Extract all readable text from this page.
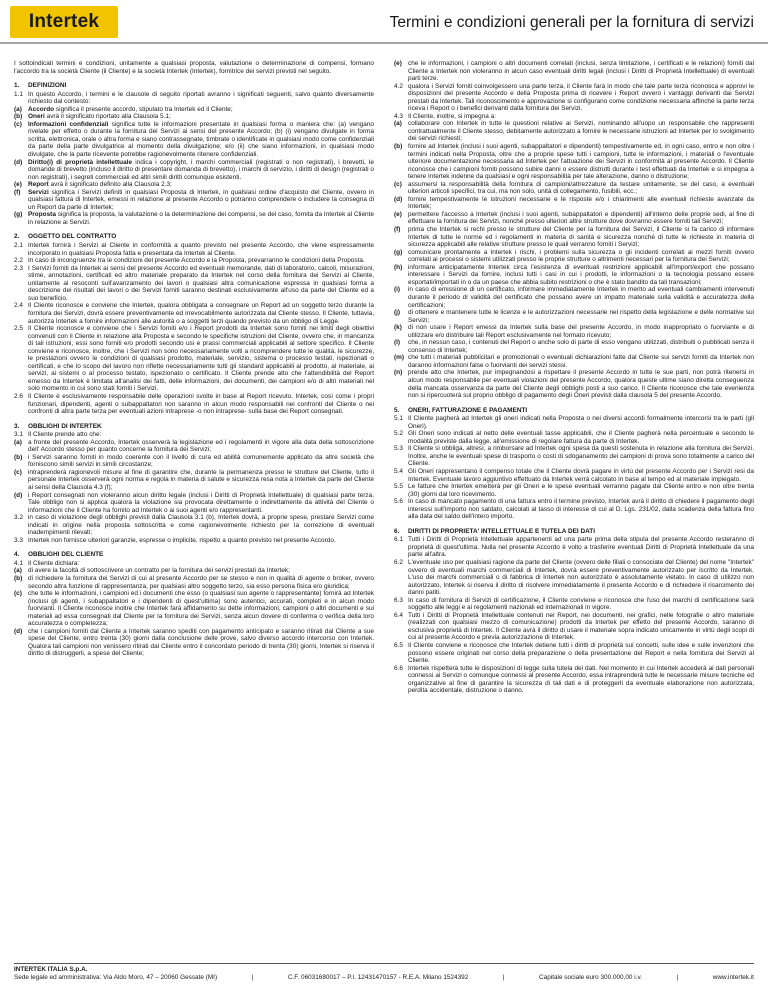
Intertek	Termini e condizioni generali per la fornitura di servizi

I sottoindicati termini e condizioni, unitamente a qualsiasi proposta, valutazione o determinazione di compensi, formano l'accordo tra la società Cliente (il Cliente) e la società Intertek (Intertek), fornitrice dei servizi previsti nel seguito.

1.	DEFINIZIONI
1.1 In questo Accordo, i termini e le clausole di seguito riportati avranno i significati seguenti, salvo quanto diversamente richiesto dal contesto:
(a) Accordo significa il presente accordo, stipulato tra Intertek ed il Cliente;
(b) Oneri avrà il significato riportato alla Clausola 5.1;
(c) Informazioni confidenziali significa tutte le informazioni presentate in qualsiasi forma o maniera che: (a) vengano rivelate per effetto o durante la fornitura dei Servizi ai sensi del presente Accordo; (b) (i) vengano divulgate in forma scritta, elettronica, orale o altra forma e siano contrassegnate, timbrate o identificate in qualsiasi modo come confidenziali da parte della parte divulgatrice al momento della divulgazione; e/o (ii) che siano informazioni, in qualsiasi modo divulgate, che la parte ricevente potrebbe ragionevolmente ritenere confidenziali.
(d) Diritto(i) di proprietà intellettuale indica i copyright, i marchi commerciali (registrati o non registrati), i brevetti, le domande di brevetto (incluso il diritto di presentare domanda di brevetto), i marchi di servizio, i diritti di design (registrati o non registrati), i segreti commerciali ed altri simili diritti comunque esistenti.
(e) Report avrà il significato definito alla Clausola 2.3;
(f)	Servizi significa i Servizi definiti in qualsiasi Proposta di Intertek, in qualsiasi ordine d'acquisto del Cliente, ovvero in qualsiasi fattura di Intertek, emessi in relazione al presente Accordo o potranno comprendere o includere la consegna di un Report da parte di Intertek;
(g) Proposta significa la proposta, la valutazione o la determinazione dei compensi, se del caso, fornita da Intertek al Cliente in relazione ai Servizi.
2.	OGGETTO DEL CONTRATTO
2.1 Intertek fornirà i Servizi al Cliente in conformità a quanto previsto nel presente Accordo, che viene espressamente incorporato in qualsiasi Proposta fatta e presentata da Intertek al Cliente.
2.2 In caso di incongruenze tra le condizioni del presente Accordo e la Proposta, prevarranno le condizioni della Proposta.
2.3 I Servizi forniti da Intertek ai sensi del presente Accordo ed eventuali memorande, dati di laboratorio, calcoli, misurazioni, stime, annotazioni, certificati ed altro materiale preparato da Intertek nel corso della fornitura dei Servizi al Cliente, unitamente ai resoconti sull'avanzamento dei lavori o qualsiasi altra comunicazione espressa in qualsiasi forma a descrizione dei risultati dei lavori o dei Servizi forniti saranno destinati esclusivamente all'uso da parte del Cliente ed a suo beneficio.
2.4 Il Cliente riconosce e conviene che Intertek, qualora obbligata a consegnare un Report ad un soggetto terzo durante la fornitura dei Servizi, dovrà essere preventivamente ed irrevocabilmente autorizzata dal Cliente stesso. Il Cliente, tuttavia, autorizza Intertek a fornire informazioni alle autorità o a soggetti terzi quando previsto da un obbligo di Legge.
2.5 Il Cliente riconosce e conviene che i Servizi forniti e/o i Report prodotti da Intertek sono forniti nei limiti degli obiettivi convenuti con il Cliente in relazione alla Proposta e secondo le specifiche istruzioni del Cliente, ovvero che, in mancanza di tali istruzioni, essi sono forniti e/o prodotti secondo usi e prassi commerciali applicabili al settore specifico. Il Cliente conviene e riconosce, inoltre, che i Servizi non sono necessariamente volti a ricomprendere tutte le qualità, le sicurezze, le prestazioni ovvero le condizioni di qualsiasi prodotto, materiale, servizio, sistema o processo testati, ispezionati o certificati, e che lo scopo del lavoro non riflette necessariamente tutti gli standard applicabili al prodotto, al materiale, ai servizi, ai sistemi o al processo testato, ispezionato o certificato. Il Cliente prende atto che l'attendibilità del Report emesso da Intertek è limitata all'analisi dei fatti, delle informazioni, dei documenti, dei campioni e/o di altri materiali nel solo momento in cui sono stati forniti i Servizi.
2.6 Il Cliente è esclusivamente responsabile delle operazioni svolte in base al Report ricevuto. Intertek, così come i propri funzionari, dipendenti, agenti o subappaltatori non saranno in alcun modo responsabili nei confronti del Cliente o nei confronti di altra parte terza per eventuali azioni intraprese -o non intraprese- sulla base dei Report consegnati.
3.	OBBLIGHI DI INTERTEK
3.1 Il Cliente prende atto che:
(a) a fronte del presente Accordo, Intertek osserverà la legislazione ed i regolamenti in vigore alla data della sottoscrizione dell' Accordo stesso per quanto concerne la fornitura dei Servizi;
(b) i Servizi saranno forniti in modo coerente con il livello di cura ed abilità comunemente applicato da altre società che forniscono simili servizi in simili circostanze;
(c) intraprenderà ragionevoli misure al fine di garantire che, durante la permanenza presso le strutture del Cliente, tutto il personale Intertek osserverà ogni norma e regola in materia di salute e sicurezza resa nota a Intertek da parte del Cliente ai sensi della Clausola 4.3 (f);
(d) i Report consegnati non violeranno alcun diritto legale (inclusi i Diritti di Proprietà Intellettuale) di qualsiasi parte terza. Tale obbligo non si applica qualora la violazione sia provocata direttamente o indirettamente da attività del Cliente o informazioni che il Cliente ha fornito ad Intertek o ai suoi agenti e/o rappresentanti.
3.2 in caso di violazione degli obblighi previsti dalla Clausola 3.1 (b), Intertek dovrà, a proprie spese, prestare Servizi come indicati in origine nella proposta sottoscritta e come ragionevolmente richiesto per la correzione di eventuali inadempimenti rilevati;
3.3 Intertek non fornisce ulteriori garanzie, espresse o implicite, rispetto a quanto previsto nel presente Accordo.
4.	OBBLIGHI DEL CLIENTE
4.1 Il Cliente dichiara:
(a) di avere la facoltà di sottoscrivere un contratto per la fornitura dei servizi prestati da Intertek;
(b) di richiedere la fornitura dei Servizi di cui al presente Accordo per se stesso e non in qualità di agente o broker, ovvero secondo altra funzione di rappresentanza, per qualsiasi altro soggetto terzo, sia esso persona fisica e/o giuridica;
(c) che tutte le informazioni, i campioni ed i documenti che esso (o qualsiasi suo agente o rappresentante) fornirà ad Intertek (inclusi gli agenti, i subappaltatori e i dipendenti di quest'ultima) sono autentici, accurati, completi e in alcun modo fuorvianti. Il Cliente riconosce inoltre che Intertek farà affidamento su dette informazioni, campioni o altri documenti e sui materiali ad essa consegnati dal Cliente per la fornitura dei Servizi, senza alcun dovere di conferma o verifica della loro accuratezza o completezza;
(d) che i campioni forniti dal Cliente a Intertek saranno spediti con pagamento anticipato e saranno ritirati dal Cliente a sue spese del Cliente, entro trenta (30) giorni dalla conclusione delle prove, salvo diverso accordo intercorso con Intertek. Qualora tali campioni non venissero ritirati dal Cliente entro il concordato periodo di trenta (30) giorni, Intertek si riserva il diritto di distruggerli, a spese del Cliente;
(e) che le informazioni, i campioni o altri documenti correlati (inclusi, senza limitazione, i certificati e le relazioni) forniti dal Cliente a Intertek non violeranno in alcun caso eventuali diritti legali (inclusi i Diritti di Proprietà Intellettuale) di eventuali parti terze.
4.2 qualora i Servizi forniti coinvolgessero una parte terza, il Cliente farà in modo che tale parte terza riconosca e approvi le disposizioni del presente Accordo e della Proposta prima di ricevere i Report ovvero i vantaggi derivanti dai Servizi prestati da Intertek. Tali riconoscimento e approvazione si configurano come condizione necessaria affinché la parte terza riceva i Report o i benefici derivanti dalla fornitura dei Servizi.
4.3 Il Cliente, inoltre, si impegna a:
(a) collaborare con Intertek in tutte le questioni relative ai Servizi, nominando all'uopo un responsabile che rappresenti contrattualmente il Cliente stesso, debitamente autorizzato a fornire le necessarie istruzioni ad Intertek per lo svolgimento dei servizi richiesti;
(b) fornire ad Intertek (inclusi i suoi agenti, subappaltatori e dipendenti) tempestivamente ed, in ogni caso, entro e non oltre i termini indicati nella Proposta, oltre che a proprie spese tutti i campioni, tutte le informazioni, i materiali o l'eventuale ulteriore documentazione necessaria ad Intertek per l'attuazione dei Servizi in conformità al presente Accordo. Il Cliente riconosce che i campioni forniti possono subire danni o essere distrutti durante i test effettuati da Intertek e si impegna a tenere Intertek indenne da qualsiasi e ogni responsabilità per tale alterazione, danno o distruzione;
(c) assumersi la responsabilità della fornitura di campioni/attrezzature da testare unitamente, se del caso, a eventuali ulteriori articoli specifici, tra cui, ma non solo, unità di collegamento, fusibili, ecc.;
(d) fornire tempestivamente le istruzioni necessarie e le risposte e/o i chiarimenti alle eventuali richieste avanzate da Intertek;
(e) permettere l'accesso a Intertek (inclusi i suoi agenti, subappaltatori e dipendenti) all'interno delle proprie sedi, al fine di effettuare la fornitura dei Servizi, nonché presso ulteriori altre strutture dove dovranno essere forniti tali Servizi;
(f)	prima che Intertek si rechi presso le strutture del Cliente per la fornitura dei Servizi, il Cliente si fa carico di informare Intertek di tutte le norme ed i regolamenti in materia di sanità e sicurezza nonché di tutte le richieste in materia di sicurezza applicabili alle relative strutture presso le quali verranno forniti i Servizi;
(g) comunicare prontamente a Intertek i rischi, i problemi sulla sicurezza o gli incidenti correlati ai mezzi forniti ovvero correlati ai processi o sistemi utilizzati presso le proprie strutture o altrimenti necessari per la fornitura dei Servizi;
(h) informare anticipatamente Intertek circa l'esistenza di eventuali restrizioni applicabili all'import/export che possano interessare i Servizi da fornire, inclusi tutti i casi in cui i prodotti, le informazioni o la tecnologia possano essere esportati/importati in o da un paese che abbia subito restrizioni o che è stato bandito da tali transazioni;
(i)	in caso di emissione di un certificato, informare immediatamente Intertek in merito ad eventuali cambiamenti intervenuti durante il periodo di validità del certificato che possano avere un impatto materiale sulla validità e accuratezza della certificazioni;
(j)	di ottenere e mantenere tutte le licenze e le autorizzazioni necessarie nel rispetto della legislazione e delle normative sui Servizi;
(k) di non usare i Report emessi da Intertek sulla base del presente Accordo, in modo inappropriato o fuorviante e di utilizzare e/o distribuire tali Report esclusivamente nel formato ricevuto;
(l)	che, in nessun caso, i contenuti del Report o anche solo di parte di esso vengano utilizzati, distribuiti o pubblicati senza il consenso di Intertek;
(m) che tutti i materiali pubblicitari e promozionali o eventuali dichiarazioni fatte dal Cliente sui servizi forniti da Intertek non daranno informazioni false o fuorvianti dei servizi stessi.
(n) prende atto che Intertek, pur impegnandosi a rispettare il presente Accordo in tutte le sue parti, non potrà ritenersi in alcun modo responsabile per eventuali violazioni del presente Accordo, qualora queste ultime siano diretta conseguenza della mancata osservanza da parte del Cliente degli obblighi posti a suo carico. Il Cliente riconosce che tale evenienza non si ripercuoterà sul proprio obbligo di pagamento degli Oneri previsti dalla clausola 5 del presente Accordo.
5.	ONERI, FATTURAZIONE E PAGAMENTI
5.1 Il Cliente pagherà ad Intertek gli oneri indicati nella Proposta o nei diversi accordi formalmente intercorsi tra le parti (gli Oneri).
5.2 Gli Oneri sono indicati al netto delle eventuali tasse applicabili, che il Cliente pagherà nella percentuale e secondo le modalità previste dalla legge, all'emissione di regolare fattura da parte di Intertek.
5.3 Il Cliente si obbliga, altresì, a rimborsare ad Intertek ogni spesa da questi sostenuta in relazione alla fornitura dei Servizi. Inoltre, anche le eventuali spese di trasporto o costi di sdoganamento dei campioni di prova sono totalmente a carico del Cliente.
5.4 Gli Oneri rappresentano il compenso totale che il Cliente dovrà pagare in virtù del presente Accordo per i Servizi resi da Intertek. Eventuale lavoro aggiuntivo effettuato da Intertek verrà calcolato in base al tempo ed al materiale impiegato.
5.5 Le fatture che Intertek emetterà per gli Oneri e le spese eventuali verranno pagate dal Cliente entro e non oltre trenta (30) giorni dal loro ricevimento.
5.6 In caso di mancato pagamento di una fattura entro il termine previsto, Intertek avrà il diritto di chiedere il pagamento degli interessi sull'importo non saldato, calcolati al tasso di interesse di cui al D. Lgs. 231/02, dalla scadenza della fattura fino alla data del saldo dell'intero importo.
6.	DIRITTI DI PROPRIETA' INTELLETTUALE E TUTELA DEI DATI
6.1 Tutti i Diritti di Proprietà Intellettuale appartenenti ad una parte prima della stipula del presente Accordo resteranno di proprietà di quest'ultima. Nulla nel presente Accordo è volto a trasferire eventuali Diritti di Proprietà Intellettuale da una parte all'altra.
6.2 L'eventuale uso per qualsiasi ragione da parte del Cliente (ovvero delle filiali o consociate del Cliente) del nome "Intertek" ovvero di eventuali marchi commerciali di Intertek, dovrà essere preventivamente autorizzato per iscritto da Intertek. L'uso dei marchi commerciali o di fabbrica di Intertek non autorizzato è assolutamente vietato. In caso di utilizzo non autorizzato, Intertek si riserva il diritto di risolvere immediatamente il presente Accordo e di richiedere il risarcimento dei danni patiti.
6.3 In caso di fornitura di Servizi di certificazione, il Cliente conviene e riconosce che l'uso dei marchi di certificazione sarà soggetto alle leggi e ai regolamenti nazionali ed internazionali in vigore.
6.4 Tutti i Diritti di Proprietà Intellettuale contenuti nei Report, nei documenti, nei grafici, nelle fotografie o altro materiale (realizzati con qualsiasi mezzo di comunicazione) prodotti da Intertek per effetto del presente Accordo, saranno di esclusiva proprietà di Intertek. Il Cliente avrà il diritto di usare il materiale sopra indicato unicamente in virtù degli scopi di cui al presente Accordo e previa autorizzazione di Intertek.
6.5 Il Cliente conviene e riconosce che Intertek detiene tutti i diritti di proprietà sui concetti, sulle idee e sulle invenzioni che possono essere originati nel corso della preparazione o della presentazione del Report e nella fornitura dei Servizi al Cliente.
6.6 Intertek rispetterà tutte le disposizioni di legge sulla tutela dei dati. Nel momento in cui Intertek accederà ai dati personali connessi ai Servizi o comunque connessi al presente Accordo, essa intraprenderà tutte le necessarie misure tecniche ed organizzative al fine di garantire la sicurezza di tali dati e di proteggerli da eventuale elaborazione non autorizzata, perdita accidentale, distruzione o danno.
INTERTEK ITALIA S.p.A.
Sede legale ed amministrativa: Via Aldo Moro, 47 – 20060 Gessate (MI)	|	C.F. 06031680017 – P.I. 12431470157 - R.E.A. Milano 1524392	|	Capitale sociale euro 300.000,00 i.v.	|	www.intertek.it
